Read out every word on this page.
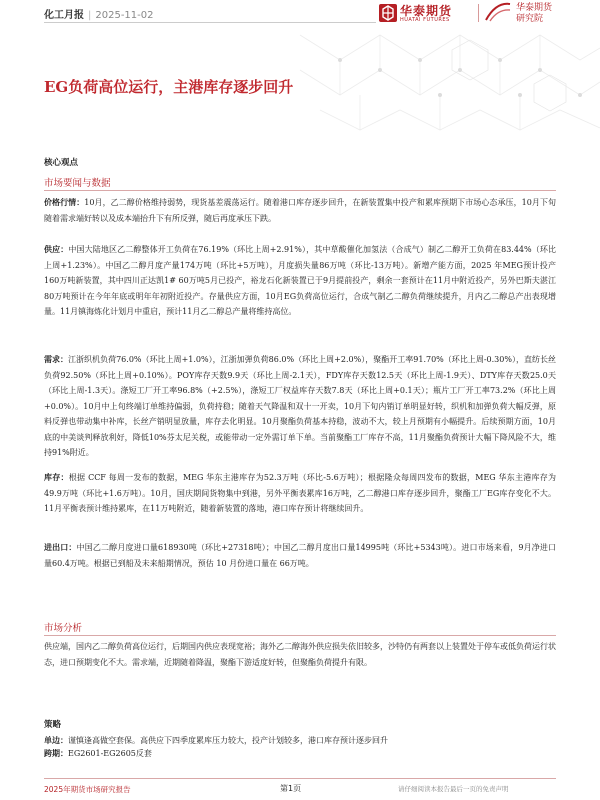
化工月报 | 2025-11-02	华泰期货
HUATAI FUTURES
华泰期货
研究院
EG负荷高位运行，主港库存逐步回升
核心观点
市场要闻与数据

价格行情：10月，乙二醇价格维持弱势，现货基差震荡运行。随着港口库存逐步回升，在新装置集中投产和累库预期下市场心态承压，10月下旬随着需求端好转以及成本端抬升下有所反弹，随后再度承压下跌。

供应：中国大陆地区乙二醇整体开工负荷在76.19%（环比上周+2.91%），其中草酸催化加氢法（合成气）制乙二醇开工负荷在83.44%（环比上周+1.23%）。中国乙二醇月度产量174万吨（环比+5万吨），月度损失量86万吨（环比-13万吨）。新增产能方面，2025 年MEG预计投产160万吨新装置，其中四川正达凯1# 60万吨5月已投产，裕龙石化新装置已于9月提前投产，剩余一套预计在11月中附近投产，另外巴斯夫湛江80万吨预计在今年年底或明年年初附近投产。存量供应方面，10月EG负荷高位运行，合成气制乙二醇负荷继续提升，月内乙二醇总产出表现增量。11月镇海炼化计划月中重启，预计11月乙二醇总产量将维持高位。

需求：江浙织机负荷76.0%（环比上周+1.0%），江浙加弹负荷86.0%（环比上周+2.0%），聚酯开工率91.70%（环比上周-0.30%），直纺长丝负荷92.50%（环比上周+0.10%）。POY库存天数9.9天（环比上周-2.1天），FDY库存天数12.5天（环比上周-1.9天）、DTY库存天数25.0天（环比上周-1.3天）。涤短工厂开工率96.8%（+2.5%），涤短工厂权益库存天数7.8天（环比上周+0.1天）；瓶片工厂开工率73.2%（环比上周+0.0%）。10月中上旬终端订单维持偏弱，负荷持稳；随着天气降温和双十一开卖，10月下旬内销订单明显好转，织机和加弹负荷大幅反弹，原料反弹也带动集中补库，长丝产销明显放量，库存去化明显。10月聚酯负荷基本持稳，波动不大，较上月预期有小幅提升。后续预期方面，10月底的中美谈判释放利好，降低10%芬太尼关税，或能带动一定外需订单下单。当前聚酯工厂库存不高，11月聚酯负荷预计大幅下降风险不大，维持91%附近。

库存：根据 CCF 每周一发布的数据，MEG 华东主港库存为52.3万吨（环比-5.6万吨）；根据隆众每周四发布的数据，MEG 华东主港库存为49.9万吨（环比+1.6万吨）。10月，国庆期间货物集中到港，另外平衡表累库16万吨，乙二醇港口库存逐步回升，聚酯工厂EG库存变化不大。11月平衡表预计维持累库，在11万吨附近，随着新装置的落地，港口库存预计将继续回升。

进出口：中国乙二醇月度进口量618930吨（环比+27318吨）；中国乙二醇月度出口量14995吨（环比+5343吨）。进口市场来看，9月净进口量60.4万吨。根据已到船及未来船期情况，预估 10 月份进口量在 66万吨。

市场分析

供应端，国内乙二醇负荷高位运行，后期国内供应表现宽裕；海外乙二醇海外供应损失依旧较多，沙特仍有两套以上装置处于停车或低负荷运行状态，进口预期变化不大。需求端，近期随着降温，聚酯下游适度好转，但聚酯负荷提升有限。

策略
单边：谨慎逢高做空套保。高供应下四季度累库压力较大，投产计划较多，港口库存预计逐步回升
跨期：EG2601-EG2605反套
2025年期货市场研究报告	第1页	请仔细阅读本报告最后一页的免责声明
